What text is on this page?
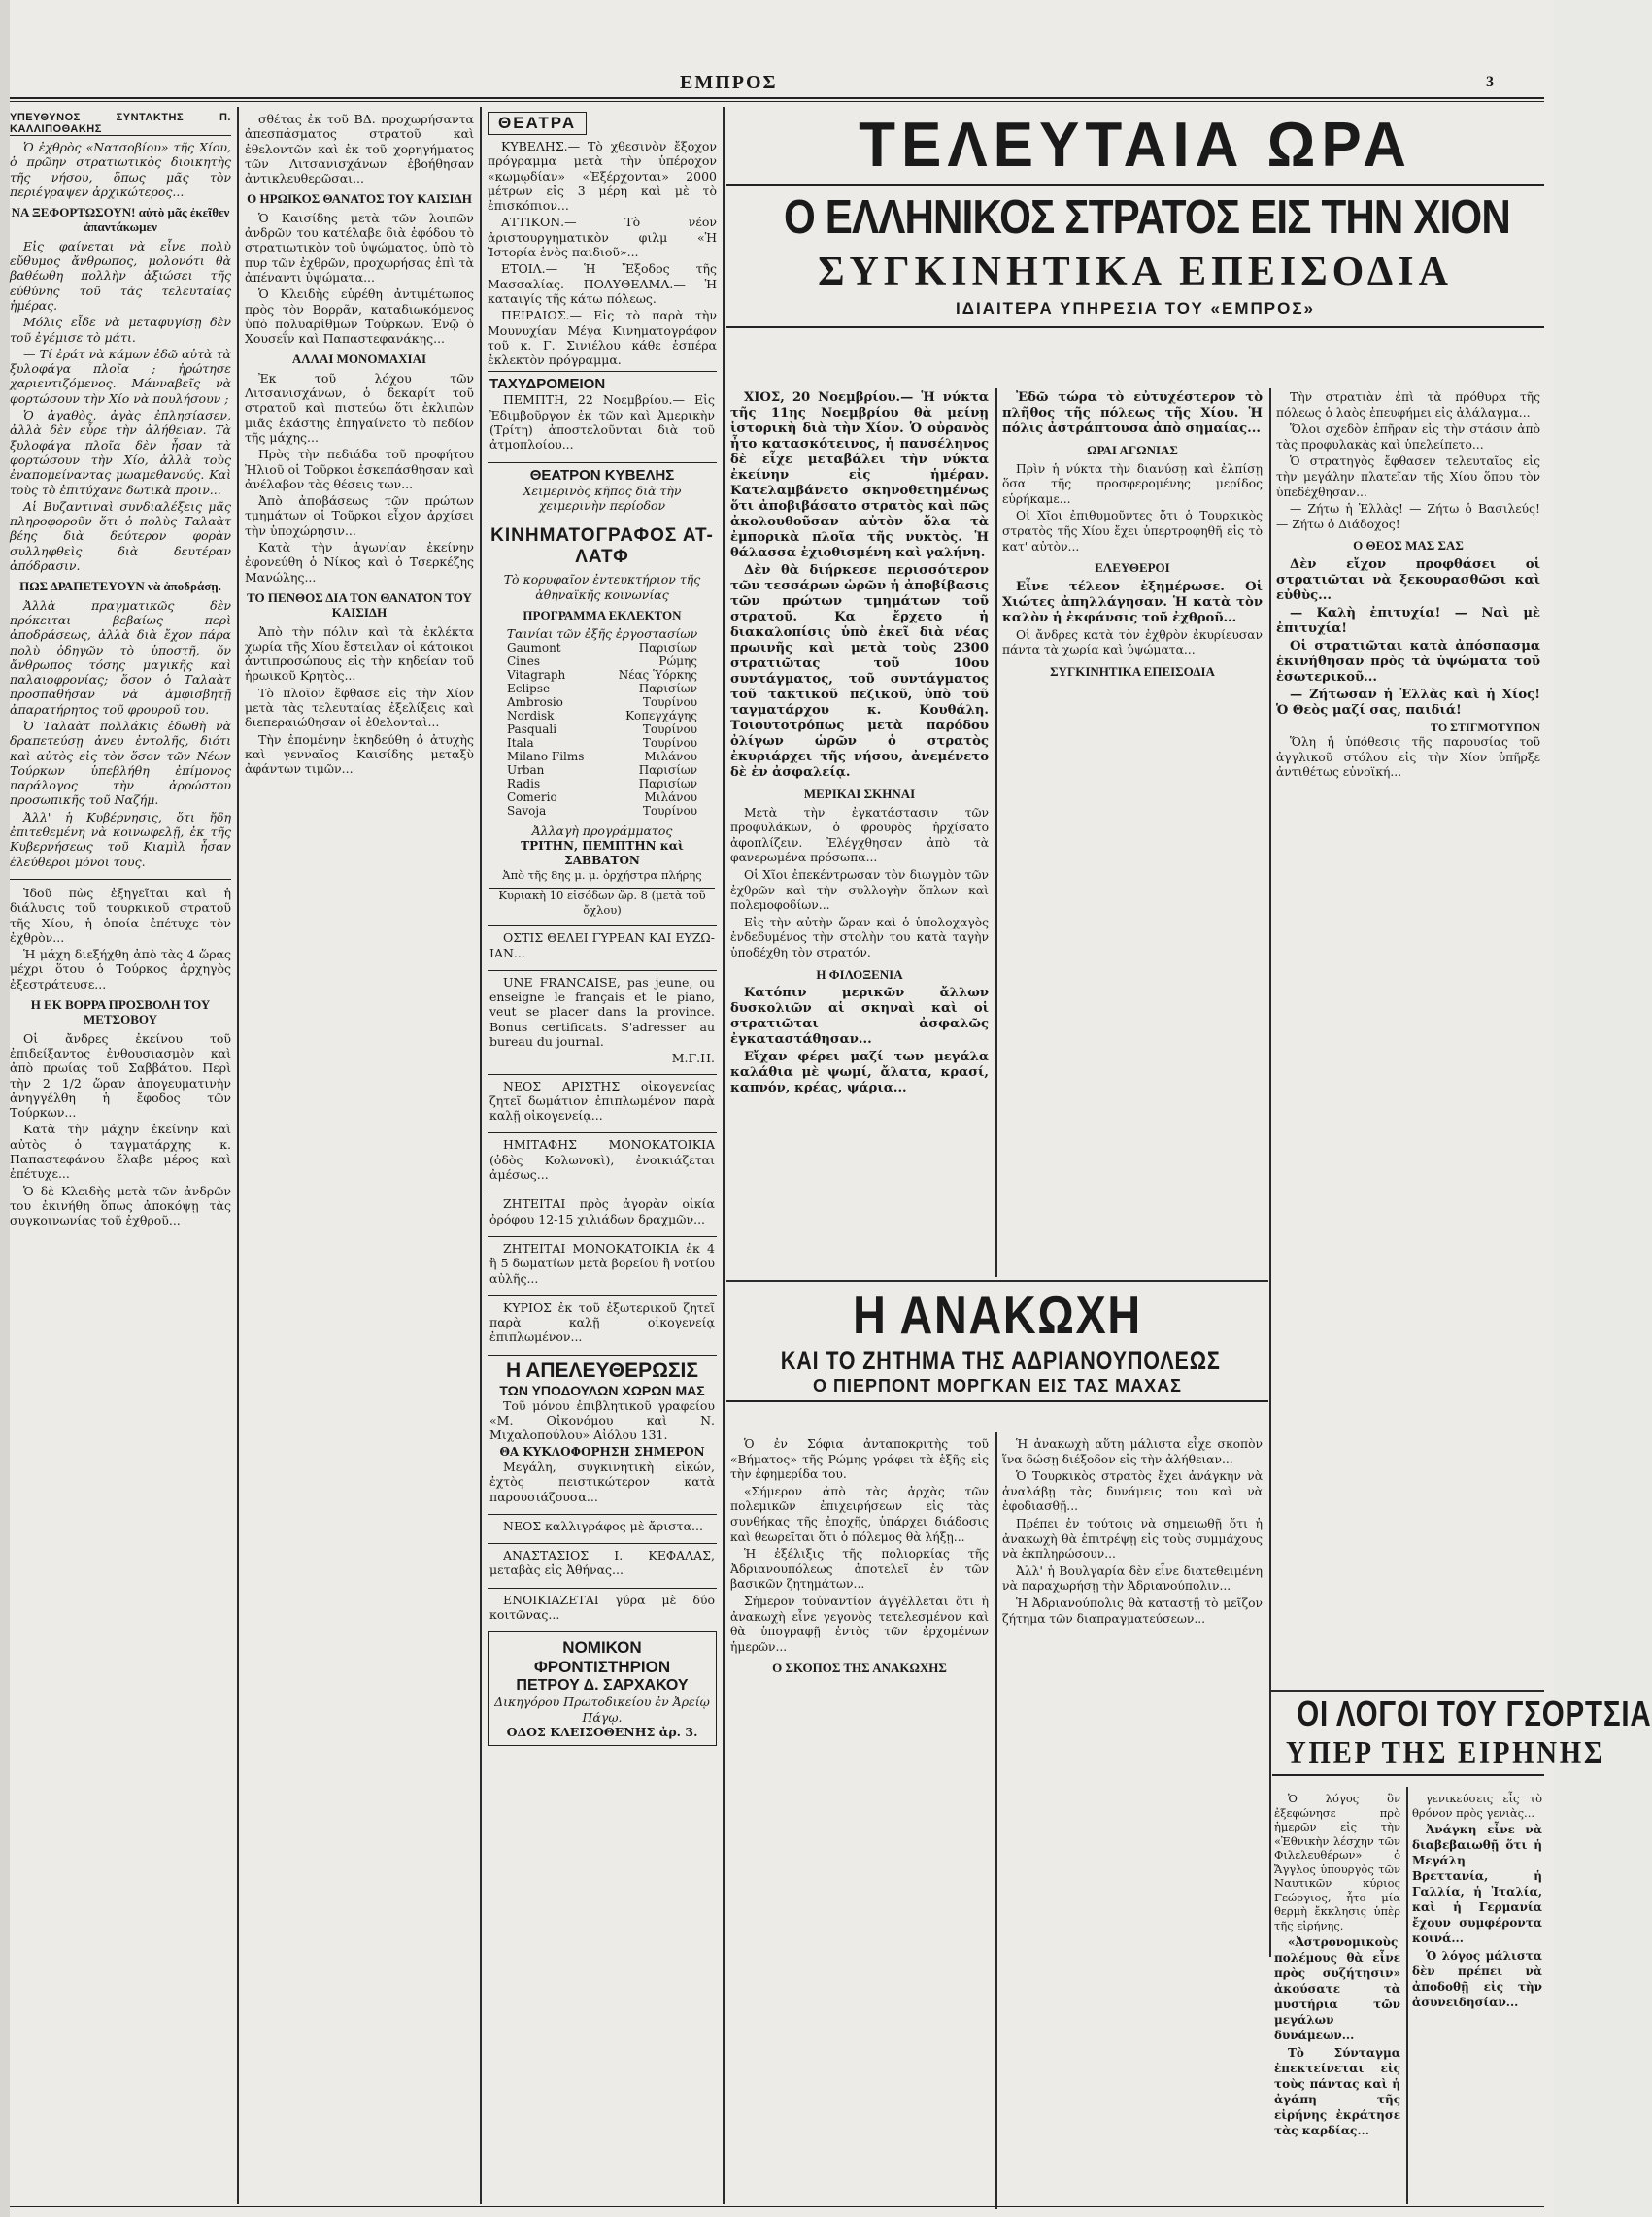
ΕΜΠΡΟΣ	3
ΥΠΕΥΘΥΝΟΣ ΣΥΝΤΑΚΤΗΣ Π. ΚΑΛΛΙΠΟΘΑΚΗΣ

Ὁ ἐχθρὸς «Νατσοβίου» τῆς Χίου, ὁ πρῶην στρατιωτικὸς διοικητὴς τῆς νήσου, ὅπως μᾶς τὸν περιέγραψεν ἀρχικώτερος...

ΝΑ ΞΕΦΟΡΤΩΣΟΥΝ! αὐτὸ μᾶς ἐκεῖθεν ἀπαντάκωμεν

Εἰς φαίνεται νὰ εἶνε πολὺ εὔθυμος ἄνθρωπος, μολονότι θὰ βαθέωθη πολλὴν ἀξιώσει τῆς εὐθύνης τοῦ τάς τελευταίας ἡμέρας.

Μόλις εἶδε νὰ μεταφυγίσῃ δὲν τοῦ ἐγέμισε τὸ μάτι.

— Τί ἐράτ νὰ κάμων ἐδῶ αὐτὰ τὰ ξυλοφάγα πλοῖα ; ἠρώτησε χαριεντιζόμενος. Μάνναβεῖς νὰ φορτώσουν τὴν Χίο νὰ πουλήσουν ;

Ὁ ἀγαθὸς, ἀγὰς ἐπλησίασεν, ἀλλὰ δὲν εὗρε τὴν ἀλήθειαν. Τὰ ξυλοφάγα πλοῖα δὲν ἦσαν τὰ φορτώσουν τὴν Χίο, ἀλλὰ τοὺς ἐναπομείναντας μωαμεθανούς. Καὶ τοὺς τὸ ἐπιτύχανε δωτικὰ προιν...

Αἱ Βυζαντιναὶ συνδιαλέξεις μᾶς πληροφοροῦν ὅτι ὁ πολὺς Ταλαὰτ βέης διὰ δεύτερον φορὰν συλληφθεὶς διὰ δευτέραν ἀπόδρασιν.

ΠΩΣ ΔΡΑΠΕΤΕΥΟΥΝ νὰ ἀποδράσῃ.

Ἀλλὰ πραγματικῶς δὲν πρόκειται βεβαίως περὶ ἀποδράσεως, ἀλλὰ διὰ ἔχον πάρα πολὺ ὀδηγῶν τὸ ὑποστῆ, ὅν ἄνθρωπος τόσης μαγικῆς καὶ παλαιοφρονίας; ὅσον ὁ Ταλαὰτ προσπαθήσαν νὰ ἀμφισβητῇ ἀπαρατήρητος τοῦ φρουροῦ του.

Ὁ Ταλαὰτ πολλάκις ἐδωθὴ νὰ δραπετεύσῃ ἀνευ ἐντολῆς, διότι καὶ αὐτὸς εἰς τὸν ὅσον τῶν Νέων Τούρκων ὑπεβλήθη ἐπίμονος παράλογος τὴν ἀρρώστου προσωπικῆς τοῦ Ναζήμ.

Ἀλλ' ἡ Κυβέρνησις, ὅτι ἤδη ἐπιτεθεμένη νὰ κοινωφελῇ, ἐκ τῆς Κυβερνήσεως τοῦ Κιαμὶλ ἦσαν ἐλεύθεροι μόνοι τους.

Ἰδοῦ πὼς ἐξηγεῖται καὶ ἡ διάλυσις τοῦ τουρκικοῦ στρατοῦ τῆς Χίου, ἡ ὁποία ἐπέτυχε τὸν ἐχθρὸν...

Ἡ μάχη διεξήχθη ἀπὸ τὰς 4 ὥρας μέχρι ὅτου ὁ Τούρκος ἀρχηγὸς ἐξεστράτευσε...

Η ΕΚ ΒΟΡΡΑ ΠΡΟΣΒΟΛΗ ΤΟΥ ΜΕΤΣΟΒΟΥ

Οἱ ἄνδρες ἐκείνου τοῦ ἐπιδείξαντος ἐνθουσιασμὸν καὶ ἀπὸ πρωίας τοῦ Σαββάτου. Περὶ τὴν 2 1/2 ὥραν ἀπογευματινὴν ἀνηγγέλθη ἡ ἔφοδος τῶν Τούρκων...

Κατὰ τὴν μάχην ἐκείνην καὶ αὐτὸς ὁ ταγματάρχης κ. Παπαστεφάνου ἔλαβε μέρος καὶ ἐπέτυχε...

Ὁ δὲ Κλειδὴς μετὰ τῶν ἀνδρῶν του ἐκινήθη ὅπως ἀποκόψῃ τὰς συγκοινωνίας τοῦ ἐχθροῦ...

σθέτας ἐκ τοῦ ΒΔ. προχωρήσαντα ἀπεσπάσματος στρατοῦ καὶ ἐθελοντῶν καὶ ἐκ τοῦ χορηγήματος τῶν Λιτσανισχάνων ἐβοήθησαν ἀντικλευθερῶσαι...

Ο ΗΡΩΙΚΟΣ ΘΑΝΑΤΟΣ ΤΟΥ ΚΑΙΣΙΔΗ

Ὁ Καισίδης μετὰ τῶν λοιπῶν ἀνδρῶν του κατέλαβε διὰ ἐφόδου τὸ στρατιωτικὸν τοῦ ὑψώματος, ὑπὸ τὸ πυρ τῶν ἐχθρῶν, προχωρήσας ἐπὶ τὰ ἀπέναντι ὑψώματα...

Ὁ Κλειδὴς εὑρέθη ἀντιμέτωπος πρὸς τὸν Βορρᾶν, καταδιωκόμενος ὑπὸ πολυαρίθμων Τούρκων. Ἐνῷ ὁ Χουσεΐν καὶ Παπαστεφανάκης...

ΑΛΛΑΙ ΜΟΝΟΜΑΧΙΑΙ

Ἐκ τοῦ λόχου τῶν Λιτσανισχάνων, ὁ δεκαρίτ τοῦ στρατοῦ καὶ πιστεύω ὅτι ἐκλιπὼν μιᾶς ἑκάστης ἐπηγαίνετο τὸ πεδίον τῆς μάχης...

Πρὸς τὴν πεδιάδα τοῦ προφήτου Ἠλιοῦ οἱ Τοῦρκοι ἐσκεπάσθησαν καὶ ἀνέλαβον τὰς θέσεις των...

Ἀπὸ ἀποβάσεως τῶν πρώτων τμημάτων οἱ Τοῦρκοι εἶχον ἀρχίσει τὴν ὑποχώρησιν...

Κατὰ τὴν ἀγωνίαν ἐκείνην ἐφονεύθη ὁ Νίκος καὶ ὁ Τσερκέζης Μανώλης...

ΤΟ ΠΕΝΘΟΣ ΔΙΑ ΤΟΝ ΘΑΝΑΤΟΝ ΤΟΥ ΚΑΙΣΙΔΗ

Ἀπὸ τὴν πόλιν καὶ τὰ ἐκλέκτα χωρία τῆς Χίου ἔστειλαν οἱ κάτοικοι ἀντιπροσώπους εἰς τὴν κηδείαν τοῦ ἡρωικοῦ Κρητὸς...

Τὸ πλοῖον ἔφθασε εἰς τὴν Χίον μετὰ τὰς τελευταίας ἐξελίξεις καὶ διεπεραιώθησαν οἱ ἐθελονταὶ...

Τὴν ἐπομένην ἐκηδεύθη ὁ ἀτυχὴς καὶ γενναῖος Καισίδης μεταξὺ ἀφάντων τιμῶν...

ΘΕΑΤΡΑ

ΚΥΒΕΛΗΣ.— Τὸ χθεσινὸν ἔξοχον πρόγραμμα μετὰ τὴν ὑπέροχον «κωμῳδίαν» «Ἐξέρχονται» 2000 μέτρων εἰς 3 μέρη καὶ μὲ τὸ ἐπισκόπιον...

ΑΤΤΙΚΟΝ.— Τὸ νέον ἀριστουργηματικὸν φιλμ «Ἡ Ἱστορία ἑνὸς παιδιοῦ»...

ΕΤΟΙΛ.— Ἡ Ἔξοδος τῆς Μασσαλίας. ΠΟΛΥΘΕΑΜΑ.— Ἡ καταιγίς τῆς κάτω πόλεως.

ΠΕΙΡΑΙΩΣ.— Εἰς τὸ παρὰ τὴν Μουνυχίαν Μέγα Κινηματογράφον τοῦ κ. Γ. Σινιέλου κάθε ἑσπέρα ἐκλεκτὸν πρόγραμμα.

ΤΑΧΥΔΡΟΜΕΙΟΝ

ΠΕΜΠΤΗ, 22 Νοεμβρίου.— Εἰς Ἐδιμβοῦργον ἐκ τῶν καὶ Ἀμερικὴν (Τρίτη) ἀποστελοῦνται διὰ τοῦ ἀτμοπλοίου...

ΘΕΑΤΡΟΝ ΚΥΒΕΛΗΣ
Χειμερινὸς κῆπος διὰ τὴν χειμερινὴν περίοδον
ΚΙΝΗΜΑΤΟΓΡΑΦΟΣ ΑΤ-ΛΑΤΦ
Τὸ κορυφαῖον ἐντευκτήριον τῆς ἀθηναϊκῆς κοινωνίας
ΠΡΟΓΡΑΜΜΑ ΕΚΛΕΚΤΟΝ
Ταινίαι τῶν ἐξῆς ἐργοστασίων
Gaumont	Παρισίων
Cines	Ρώμης
Vitagraph	Νέας Ὑόρκης
Eclipse	Παρισίων
Ambrosio	Τουρίνου
Nordisk	Κοπεγχάγης
Pasquali	Τουρίνου
Itala	Τουρίνου
Milano Films	Μιλάνου
Urban	Παρισίων
Radis	Παρισίων
Comerio	Μιλάνου
Savoja	Τουρίνου
Ἀλλαγὴ προγράμματος
ΤΡΙΤΗΝ, ΠΕΜΠΤΗΝ καὶ ΣΑΒΒΑΤΟΝ
Ἀπὸ τῆς 8ης μ. μ. ὀρχήστρα πλήρης
Κυριακὴ 10 εἰσόδων ὥρ. 8 (μετὰ τοῦ ὄχλου)

ΟΣΤΙΣ ΘΕΛΕΙ ΓΥΡΕΑΝ ΚΑΙ ΕΥΖΩ-ΙΑΝ...

UNE FRANCAISE, pas jeune, ou enseigne le français et le piano, veut se placer dans la province. Bonus certificats. S'adresser au bureau du journal.

Μ.Γ.Η.

ΝΕΟΣ ΑΡΙΣΤΗΣ οἰκογενείας ζητεῖ δωμάτιον ἐπιπλωμένον παρὰ καλῇ οἰκογενείᾳ...

ΗΜΙΤΑΦΗΣ ΜΟΝΟΚΑΤΟΙΚΙΑ (ὁδὸς Κολωνοκὶ), ἐνοικιάζεται ἀμέσως...

ΖΗΤΕΙΤΑΙ πρὸς ἀγορὰν οἰκία ὀρόφου 12-15 χιλιάδων δραχμῶν...

ΖΗΤΕΙΤΑΙ ΜΟΝΟΚΑΤΟΙΚΙΑ ἐκ 4 ἢ 5 δωματίων μετὰ βορείου ἢ νοτίου αὐλῆς...

ΚΥΡΙΟΣ ἐκ τοῦ ἐξωτερικοῦ ζητεῖ παρὰ καλῇ οἰκογενείᾳ ἐπιπλωμένον...

Η ΑΠΕΛΕΥΘΕΡΩΣΙΣ
ΤΩΝ ΥΠΟΔΟΥΛΩΝ ΧΩΡΩΝ ΜΑΣ

Τοῦ μόνου ἐπιβλητικοῦ γραφείου «Μ. Οἰκονόμου καὶ Ν. Μιχαλοπούλου» Αἰόλου 131.

ΘΑ ΚΥΚΛΟΦΟΡΗΣΗ ΣΗΜΕΡΟΝ

Μεγάλη, συγκινητικὴ εἰκών, ἐχτὸς πειστικώτερον κατὰ παρουσιάζουσα...

ΝΕΟΣ καλλιγράφος μὲ ἄριστα...

ΑΝΑΣΤΑΣΙΟΣ Ι. ΚΕΦΑΛΑΣ, μεταβὰς εἰς Ἀθήνας...

ΕΝΟΙΚΙΑΖΕΤΑΙ γύρα μὲ δύο κοιτῶνας...

ΝΟΜΙΚΟΝ ΦΡΟΝΤΙΣΤΗΡΙΟΝ
ΠΕΤΡΟΥ Δ. ΣΑΡΧΑΚΟΥ
Δικηγόρου Πρωτοδικείου ἐν Ἀρείῳ Πάγῳ.
ΟΔΟΣ ΚΛΕΙΣΟΘΕΝΗΣ ἀρ. 3.
ΤΕΛΕΥΤΑΙΑ ΩΡΑ
Ο ΕΛΛΗΝΙΚΟΣ ΣΤΡΑΤΟΣ ΕΙΣ ΤΗΝ ΧΙΟΝ
ΣΥΓΚΙΝΗΤΙΚΑ ΕΠΕΙΣΟΔΙΑ
ΙΔΙΑΙΤΕΡΑ ΥΠΗΡΕΣΙΑ ΤΟΥ «ΕΜΠΡΟΣ»

ΧΙΟΣ, 20 Νοεμβρίου.— Ἡ νύκτα τῆς 11ης Νοεμβρίου θὰ μείνῃ ἱστορικὴ διὰ τὴν Χίον. Ὁ οὐρανὸς ἦτο κατασκότεινος, ἡ πανσέληνος δὲ εἶχε μεταβάλει τὴν νύκτα ἐκείνην εἰς ἡμέραν. Κατελαμβάνετο σκηνοθετημένως ὅτι ἀποβιβάσατο στρατὸς καὶ πῶς ἀκολουθοῦσαν αὐτὸν ὅλα τὰ ἐμπορικὰ πλοῖα τῆς νυκτὸς. Ἡ θάλασσα ἐχιοθισμένη καὶ γαλήνη.

Δὲν θὰ διήρκεσε περισσότερον τῶν τεσσάρων ὡρῶν ἡ ἀποβίβασις τῶν πρώτων τμημάτων τοῦ στρατοῦ. Κα ἔρχετο ἡ διακαλοπίσις ὑπὸ ἐκεῖ διὰ νέας πρωινῆς καὶ μετὰ τοὺς 2300 στρατιῶτας τοῦ 10ου συντάγματος, τοῦ συντάγματος τοῦ τακτικοῦ πεζικοῦ, ὑπὸ τοῦ ταγματάρχου κ. Κουθάλη. Τοιουτοτρόπως μετὰ παρόδου ὀλίγων ὡρῶν ὁ στρατὸς ἐκυριάρχει τῆς νήσου, ἀνεμένετο δὲ ἐν ἀσφαλείᾳ.

ΜΕΡΙΚΑΙ ΣΚΗΝΑΙ

Μετὰ τὴν ἐγκατάστασιν τῶν προφυλάκων, ὁ φρουρὸς ἠρχίσατο ἀφοπλίζειν. Ἐλέγχθησαν ἀπὸ τὰ φανερωμένα πρόσωπα...

Οἱ Χῖοι ἐπεκέντρωσαν τὸν διωγμὸν τῶν ἐχθρῶν καὶ τὴν συλλογὴν ὅπλων καὶ πολεμοφοδίων...

Εἰς τὴν αὐτὴν ὥραν καὶ ὁ ὑπολοχαγὸς ἐνδεδυμένος τὴν στολὴν του κατὰ ταγὴν ὑποδέχθη τὸν στρατόν.

Η ΦΙΛΟΞΕΝΙΑ

Κατόπιν μερικῶν ἄλλων δυσκολιῶν αἱ σκηναὶ καὶ οἱ στρατιῶται ἀσφαλῶς ἐγκαταστάθησαν...

Εἴχαν φέρει μαζί των μεγάλα καλάθια μὲ ψωμί, ἄλατα, κρασί, καπνόν, κρέας, ψάρια...

Ἐδῶ τώρα τὸ εὐτυχέστερον τὸ πλῆθος τῆς πόλεως τῆς Χίου. Ἡ πόλις ἀστράπτουσα ἀπὸ σημαίας...

ΩΡΑΙ ΑΓΩΝΙΑΣ

Πρὶν ἡ νύκτα τὴν διανύσῃ καὶ ἐλπίσῃ ὅσα τῆς προσφερομένης μερίδος εὑρήκαμε...

Οἱ Χῖοι ἐπιθυμοῦντες ὅτι ὁ Τουρκικὸς στρατὸς τῆς Χίου ἔχει ὑπερτροφηθῆ εἰς τὸ κατ' αὐτὸν...

ΕΛΕΥΘΕΡΟΙ

Εἶνε τέλεον ἐξημέρωσε. Οἱ Χιώτες ἀπηλλάγησαν. Ἡ κατὰ τὸν καλὸν ἡ ἐκφάνσις τοῦ ἐχθροῦ...

Οἱ ἄνδρες κατὰ τὸν ἐχθρὸν ἐκυρίευσαν πάντα τὰ χωρία καὶ ὑψώματα...

ΣΥΓΚΙΝΗΤΙΚΑ ΕΠΕΙΣΟΔΙΑ

Τὴν στρατιὰν ἐπὶ τὰ πρόθυρα τῆς πόλεως ὁ λαὸς ἐπευφήμει εἰς ἀλάλαγμα...

Ὅλοι σχεδὸν ἐπῆραν εἰς τὴν στάσιν ἀπὸ τὰς προφυλακὰς καὶ ὑπελείπετο...

Ὁ στρατηγὸς ἔφθασεν τελευταῖος εἰς τὴν μεγάλην πλατεῖαν τῆς Χίου ὅπου τὸν ὑπεδέχθησαν...

— Ζήτω ἡ Ἑλλὰς! — Ζήτω ὁ Βασιλεύς! — Ζήτω ὁ Διάδοχος!

Ο ΘΕΟΣ ΜΑΣ ΣΑΣ

Δὲν εἴχον προφθάσει οἱ στρατιῶται νὰ ξεκουρασθῶσι καὶ εὐθὺς...

— Καλὴ ἐπιτυχία! — Ναὶ μὲ ἐπιτυχία!

Οἱ στρατιῶται κατὰ ἀπόσπασμα ἐκινήθησαν πρὸς τὰ ὑψώματα τοῦ ἐσωτερικοῦ...

— Ζήτωσαν ἡ Ἑλλὰς καὶ ἡ Χίος! Ὁ Θεὸς μαζί σας, παιδιά!

ΤΟ ΣΤΙΓΜΟΤΥΠΟΝ

Ὅλη ἡ ὑπόθεσις τῆς παρουσίας τοῦ ἀγγλικοῦ στόλου εἰς τὴν Χίον ὑπῆρξε ἀντιθέτως εὐνοϊκή...

Η ΑΝΑΚΩΧΗ
ΚΑΙ ΤΟ ΖΗΤΗΜΑ ΤΗΣ ΑΔΡΙΑΝΟΥΠΟΛΕΩΣ
Ο ΠΙΕΡΠΟΝΤ ΜΟΡΓΚΑΝ ΕΙΣ ΤΑΣ ΜΑΧΑΣ

Ὁ ἐν Σόφια ἀνταποκριτὴς τοῦ «Βήματος» τῆς Ρώμης γράφει τὰ ἑξῆς εἰς τὴν ἐφημερίδα του.

«Σήμερον ἀπὸ τὰς ἀρχὰς τῶν πολεμικῶν ἐπιχειρήσεων εἰς τὰς συνθήκας τῆς ἐποχῆς, ὑπάρχει διάδοσις καὶ θεωρεῖται ὅτι ὁ πόλεμος θὰ λήξῃ...

Ἡ ἐξέλιξις τῆς πολιορκίας τῆς Ἀδριανουπόλεως ἀποτελεῖ ἐν τῶν βασικῶν ζητημάτων...

Σήμερον τοὐναντίον ἀγγέλλεται ὅτι ἡ ἀνακωχὴ εἶνε γεγονὸς τετελεσμένον καὶ θὰ ὑπογραφῇ ἐντὸς τῶν ἐρχομένων ἡμερῶν...

Ο ΣΚΟΠΟΣ ΤΗΣ ΑΝΑΚΩΧΗΣ

Ἡ ἀνακωχὴ αὕτη μάλιστα εἶχε σκοπὸν ἵνα δώσῃ διέξοδον εἰς τὴν ἀλήθειαν...

Ὁ Τουρκικὸς στρατὸς ἔχει ἀνάγκην νὰ ἀναλάβῃ τὰς δυνάμεις του καὶ νὰ ἐφοδιασθῇ...

Πρέπει ἐν τούτοις νὰ σημειωθῇ ὅτι ἡ ἀνακωχὴ θὰ ἐπιτρέψῃ εἰς τοὺς συμμάχους νὰ ἐκπληρώσουν...

Ἀλλ' ἡ Βουλγαρία δὲν εἶνε διατεθειμένη νὰ παραχωρήσῃ τὴν Ἀδριανούπολιν...

Ἡ Ἀδριανούπολις θὰ καταστῇ τὸ μεῖζον ζήτημα τῶν διαπραγματεύσεων...

ΟΙ ΛΟΓΟΙ ΤΟΥ ΓΣΟΡΤΣΙΑ
ΥΠΕΡ ΤΗΣ ΕΙΡΗΝΗΣ

Ὁ λόγος ὃν ἐξεφώνησε πρὸ ἡμερῶν εἰς τὴν «Ἐθνικὴν λέσχην τῶν Φιλελευθέρων» ὁ Ἄγγλος ὑπουργὸς τῶν Ναυτικῶν κύριος Γεώργιος, ἦτο μία θερμὴ ἔκκλησις ὑπὲρ τῆς εἰρήνης.

«Ἀστρονομικοὺς πολέμους θὰ εἶνε πρὸς συζήτησιν» ἀκούσατε τὰ μυστήρια τῶν μεγάλων δυνάμεων...

Τὸ Σύνταγμα ἐπεκτείνεται εἰς τοὺς πάντας καὶ ἡ ἀγάπη τῆς εἰρήνης ἐκράτησε τὰς καρδίας...

γενικεύσεις εἶς τὸ θρόνον πρὸς γενιὰς...

Ἀνάγκη εἶνε νὰ διαβεβαιωθῇ ὅτι ἡ Μεγάλη Βρεττανία, ἡ Γαλλία, ἡ Ἰταλία, καὶ ἡ Γερμανία ἔχουν συμφέροντα κοινά...

Ὁ λόγος μάλιστα δὲν πρέπει νὰ ἀποδοθῇ εἰς τὴν ἀσυνειδησίαν...
